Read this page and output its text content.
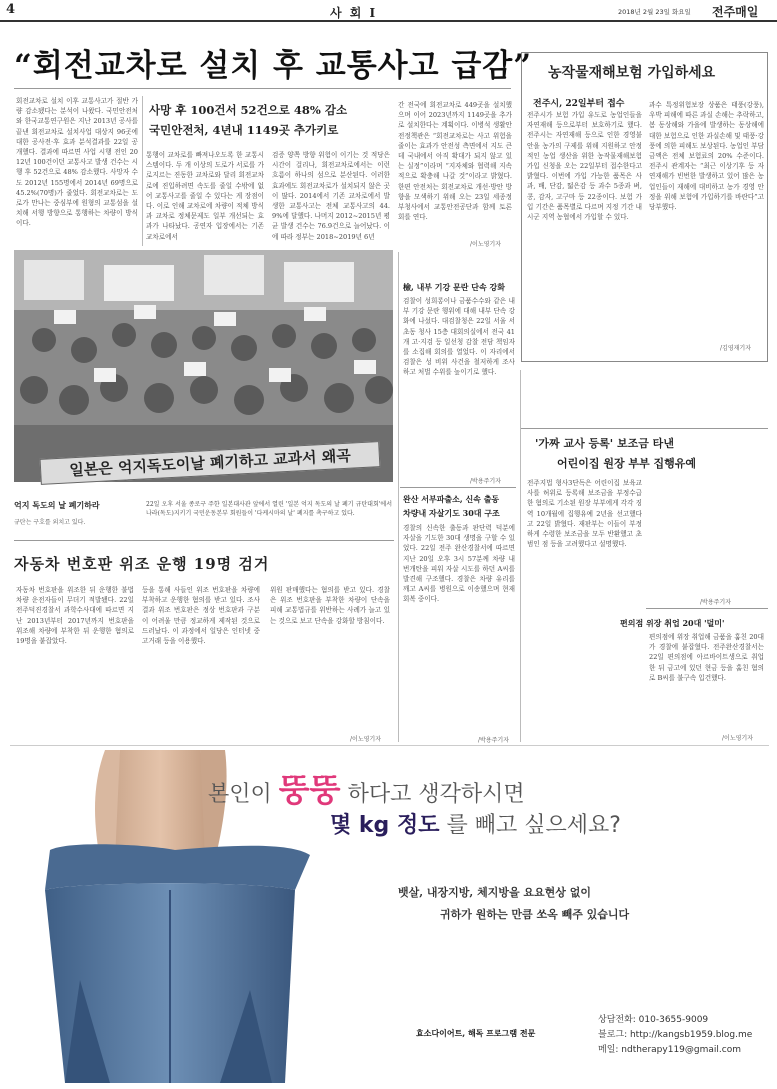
4	사 회 I	2018년 2월 23일 화요일 전주매일
“회전교차로 설치 후 교통사고 급감”
회전교차로 설치 이후 교통사고가 절반 가량 감소됐다는 분석이 나왔다. 국민안전처와 한국교통연구원은 지난 2013년 공사를 끝낸 회전교차로 설치사업 대상지 96곳에 대한 공사전·후 효과 분석결과를 22일 공개했다. 결과에 따르면 사업 시행 전인 2012년 100건이던 교통사고 발생 건수는 시행 후 52건으로 48% 감소했다. 사망자 수도 2012년 155명에서 2014년 69명으로 45.2%(70명)가 줄었다. 회전교차로는 도로가 만나는 중심부에 원형의 교통섬을 설치해 서행 방향으로 통행하는 차량이 방식이다.
사망 후 100건서 52건으로 48% 감소
국민안전처, 4년내 1149곳 추가키로
통행이 교차로를 빠져나오도록 한 교통시스템이다. 두 개 이상의 도로가 서로를 가로지르는 진동한 교차로와 달리 회전교차로에 진입하려면 속도를 줄일 수밖에 없어 교통사고를 줄일 수 있다는 게 장점이다. 이로 인해 교차로에 차량이 적체 방식과 교차로 정체문제도 일부 개선되는 효과가 나타났다. 공연자 입장에서는 기존 교차로에서
검증 양쪽 방향 위험이 이기는 것 적당은 시간이 걸리나, 회전교차로에서는 이런 흐름이 하나의 섬으로 분산된다. 이러한 효과에도 회전교차로가 설치되지 않은 곳이 많다. 2014에서 기존 교차로에서 발생한 교통사고는 전체 교통사고의 44.9%에 달했다. 나머지 2012~2015년 평균 발생 건수는 76.9건으로 늘어났다. 이에 따라 정부는 2018~2019년 6년
간 전국에 회전교차로 449곳을 설치했으며 이어 2023년까지 1149곳을 추가로 설치한다는 계획이다. 이병석 생활안전정책관은 “회전교차로는 사고 위험을 줄이는 효과가 안전성 측면에서 지도 큰데 국내에서 아직 확대가 되지 않고 있는 실정”이라며 “지자체와 협력해 지속적으로 확충해 나갈 것”이라고 밝혔다. 한편 안전처는 회전교차로 개선·방안 방향을 모색하기 위해 오는 23일 세종정부청사에서 교통안전공단과 함께 토론회를 연다.
/이노영기자
일본은 억지독도이날 폐기하고 교과서 왜곡
억지 독도의 날 폐기하라
규탄는 구호를 외치고 있다.
22일 오후 서울 종로구 주한 일본대사관 앞에서 열린 '일본 억지 독도의 날 폐기 규탄대회'에서 나라(독도)지키기 국민운동본부 회원들이 '다케시마의 날' 폐지를 촉구하고 있다.
농작물재해보험 가입하세요
전주시, 22일부터 접수
전주시가 보험 가입 유도로 농업인들을 자연재해 등으로부터 보호하기로 했다. 전주시는 자연재해 등으로 인한 경영불안을 농가의 구제를 위해 지원하고 안정적인 농업 생산을 위한 농작물재해보험 가입 신청을 오는 22일부터 접수한다고 밝혔다. 이번에 가입 가능한 품목은 사과, 배, 단감, 떫은감 등 과수 5종과 벼, 콩, 감자, 고구마 등 22종이다. 보험 가입 기간은 품목별로 다르며 지정 기간 내 시군 지역 농협에서 가입할 수 있다.
과수 특정위험보장 상품은 태풍(강풍), 우박 피해에 따른 과실 손해는 추락하고, 봄 동상해와 가을에 발생하는 동상해에 대한 보험으로 인한 과실손해 및 태풍·강풍에 의한 피해도 보상된다. 농업인 부담 금액은 전체 보험료의 20% 수준이다. 전주시 관계자는 “최근 이상기후 등 자연재해가 빈번한 발생하고 있어 많은 농업인들이 재해에 대비하고 농가 경영 안정을 위해 보험에 가입하기를 바란다”고 당부했다.
/김영재기자
檢, 내부 기강 문란 단속 강화
검찰이 성희롱이나 금품수수와 같은 내부 기강 문란 행위에 대해 내부 단속 강화에 나섰다. 대검찰청은 22일 서울 서초동 청사 15층 대회의실에서 전국 41개 고·지검 등 일선청 감찰 전담 책임자를 소집해 회의를 열었다. 이 자리에서 검찰은 성 비위 사건을 철저하게 조사하고 처벌 수위를 높이기로 했다.
/박용주기자
완산 서부파출소, 신속 출동
차량내 자살기도 30대 구조
경찰의 신속한 출동과 판단력 덕분에 자살을 기도한 30대 생명을 구할 수 있었다. 22일 전주 완산경찰서에 따르면 지난 20일 오후 3시 57분께 차량 내 번개탄을 피워 자살 시도를 하던 A씨를 발견해 구조했다. 경찰은 차량 유리를 깨고 A씨를 병원으로 이송했으며 현재 회복 중이다.
/박용주기자
'가짜 교사 등록' 보조금 타낸
어린이집 원장 부부 집행유예
전주지법 형사3단독은 어린이집 보육교사를 허위로 등록해 보조금을 부정수급한 혐의로 기소된 원장 부부에게 각각 징역 10개월에 집행유예 2년을 선고했다고 22일 밝혔다. 재판부는 이들이 부정하게 수령한 보조금을 모두 반환했고 초범인 점 등을 고려했다고 설명했다.
/박용주기자
편의점 위장 취업 20대 '덜미'
편의점에 위장 취업해 금품을 훔친 20대가 경찰에 붙잡혔다. 전주완산경찰서는 22일 편의점에 아르바이트생으로 취업한 뒤 금고에 있던 현금 등을 훔친 혐의로 B씨를 불구속 입건했다.
/이노영기자
자동차 번호판 위조 운행 19명 검거
자동차 번호판을 위조한 뒤 운행한 불법 차량 운전자들이 무더기 적발됐다. 22일 전주덕진경찰서 과학수사대에 따르면 지난 2013년부터 2017년까지 번호판을 위조해 차량에 부착한 뒤 운행한 혐의로 19명을 붙잡았다.
등을 통해 사들인 위조 번호판을 차량에 부착하고 운행한 혐의를 받고 있다. 조사결과 위조 번호판은 정상 번호판과 구분이 어려울 만큼 정교하게 제작된 것으로 드러났다. 이 과정에서 일당은 인터넷 중고거래 등을 이용했다.
위원 판매했다는 혐의를 받고 있다. 경찰은 위조 번호판을 부착한 차량이 단속을 피해 교통법규를 위반하는 사례가 늘고 있는 것으로 보고 단속을 강화할 방침이다.
/이노영기자
본인이 뚱뚱 하다고 생각하시면
몇 kg 정도 를 빼고 싶으세요?
뱃살, 내장지방, 체지방을 요요현상 없이
귀하가 원하는 만큼 쏘옥 빼주 있습니다
효소다이어트, 해독 프로그램 전문
상담전화: 010-3655-9009
블로그: http://kangsb1959.blog.me
메일: ndtherapy119@gmail.com
